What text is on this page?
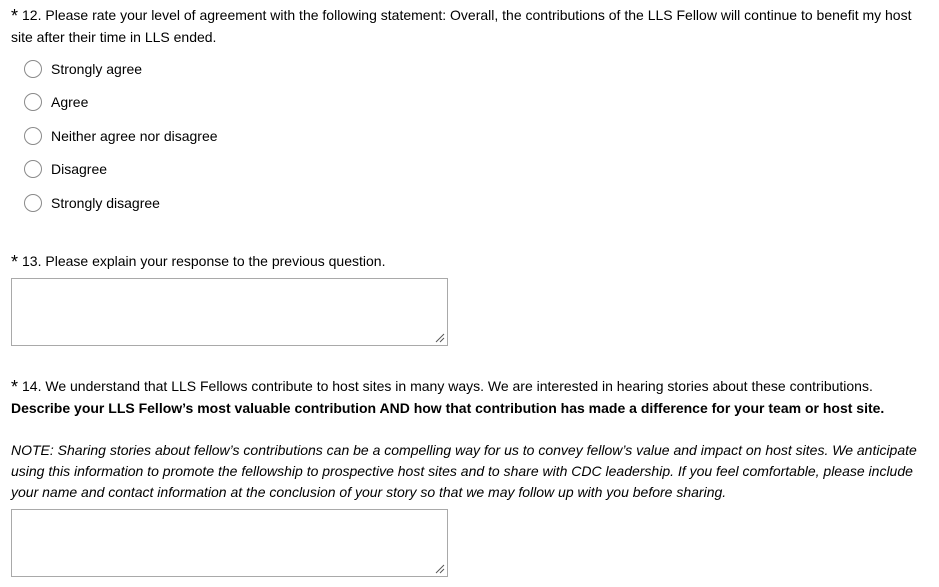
* 12. Please rate your level of agreement with the following statement: Overall, the contributions of the LLS Fellow will continue to benefit my host site after their time in LLS ended.
Strongly agree
Agree
Neither agree nor disagree
Disagree
Strongly disagree
* 13. Please explain your response to the previous question.
* 14. We understand that LLS Fellows contribute to host sites in many ways. We are interested in hearing stories about these contributions.
Describe your LLS Fellow’s most valuable contribution AND how that contribution has made a difference for your team or host site.
NOTE: Sharing stories about fellow’s contributions can be a compelling way for us to convey fellow’s value and impact on host sites. We anticipate using this information to promote the fellowship to prospective host sites and to share with CDC leadership. If you feel comfortable, please include your name and contact information at the conclusion of your story so that we may follow up with you before sharing.
